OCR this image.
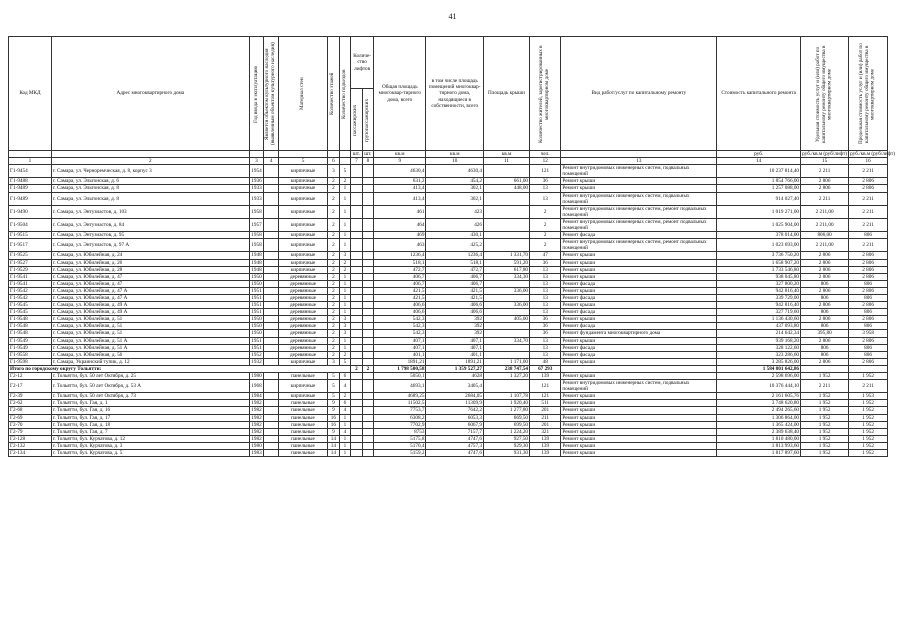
41
Код МКД	Адрес многоквартирного дома	Год ввода в эксплуатацию	Является объектом культурного наследия (выявленным объектом культурного наследия)	Материал стен	Количество этажей	Количество подъездов	Количе-ство лифтов		Общая площадь многоквар-тирного дома, всего	в том числе площадь помещений многоквар-тирного дома, находящиеся в собственности, всего	Площадь крыши	Количество жителей, зарегистрированных в многоквартирном доме	Вид работ/услуг по капитальному ремонту	Стоимость капитального ремонта	Удельная стоимость услуг и (или) работ по капитальному ремонту общего имущества в многоквартирном доме	Предельная стоимость услуг и (или) работ по капитальному ремонту общего имущества в многоквартирном доме

							пассажирских	грузопассажирских								

							шт.	шт.	кв.м	кв.м	кв.м	чел.		руб.	руб./кв.м (руб/лифт)	руб./кв.м (руб/лифт)
1	2	3	4	5	6		7	8	9	10	11	12	13	14	15	16
Г1-9454	г. Самара, ул. Черноремческая, д. 8, корпус 3	1954		кирпичные	3	5			4630,4	4630,4		121	Ремонт внутридомовых инженерных систем, подвальных помещений	10 237 814,40	2 211	2 211
Г1-9488	г. Самара, ул. Эльтонская, д. 6	1936		кирпичные	2	2			631,2	454,2	661,00	36	Ремонт крыши	1 854 766,00	2 806	2 806
Г1-9489	г. Самара, ул. Эльтонская, д. 8	1933		кирпичные	2	1			413,4	302,1	448,00	13	Ремонт крыши	1 257 088,00	2 806	2 806
Г1-9489	г. Самара, ул. Эльтонская, д. 8	1933		кирпичные	2	1			413,4	302,1		13	Ремонт внутридомовых инженерных систем, подвальных помещений	914 027,40	2 211	2 211
Г1-9490	г. Самара, ул. Энтузиастов, д. 103	1958		кирпичные	2	1			461	423		2	Ремонт внутридомовых инженерных систем, ремонт подвальных помещений	1 019 271,00	2 211,00	2 211
Г1-9504	г. Самара, ул. Энтузиастов, д. 84	1957		кирпичные	2	1			464	426		2	Ремонт внутридомовых инженерных систем, ремонт подвальных помещений	1 025 904,00	2 211,00	2 211
Г1-9515	г. Самара, ул. Энтузиастов, д. 95	1958		кирпичные	2	1			469	430,1		2	Ремонт фасада	378 014,00	806,00	806
Г1-9517	г. Самара, ул. Энтузиастов, д. 97 А	1958		кирпичные	2	1			463	425,2		2	Ремонт внутридомовых инженерных систем, ремонт подвальных помещений	1 023 693,00	2 211,00	2 211
Г1-9525	г. Самара, ул. Юбилейная, д. 24	1948		кирпичные	2	3			1236,4	1236,4	1 331,70	47	Ремонт крыши	3 736 750,20	2 806	2 806
Г1-9527	г. Самара, ул. Юбилейная, д. 26	1948		кирпичные	2	2			518,1	518,1	591,20	36	Ремонт крыши	1 658 907,20	2 806	2 806
Г1-9529	г. Самара, ул. Юбилейная, д. 28	1948		кирпичные	2	2			472,7	472,7	617,80	13	Ремонт крыши	1 733 546,80	2 806	2 806
Г1-9541	г. Самара, ул. Юбилейная, д. 47	1950		деревянные	2	1			406,7	406,7	334,30	13	Ремонт крыши	938 045,80	2 806	2 806
Г1-9541	г. Самара, ул. Юбилейная, д. 47	1950		деревянные	2	1			406,7	406,7		13	Ремонт фасада	327 800,20	806	806
Г1-9542	г. Самара, ул. Юбилейная, д. 47 А	1951		деревянные	2	1			421,5	421,5	336,00	13	Ремонт крыши	942 816,40	2 806	2 806
Г1-9542	г. Самара, ул. Юбилейная, д. 47 А	1951		деревянные	2	1			421,5	421,5		13	Ремонт фасада	339 729,00	806	806
Г1-9545	г. Самара, ул. Юбилейная, д. 49 А	1951		деревянные	2	1			406,6	406,6	336,00	13	Ремонт крыши	942 816,40	2 806	2 806
Г1-9545	г. Самара, ул. Юбилейная, д. 49 А	1951		деревянные	2	1			406,6	406,6		13	Ремонт фасада	327 719,60	806	806
Г1-9548	г. Самара, ул. Юбилейная, д. 51	1950		деревянные	2	3			542,3	392	405,00	36	Ремонт крыши	1 136 430,60	2 806	2 806
Г1-9548	г. Самара, ул. Юбилейная, д. 51	1950		деревянные	2	3			542,3	392		36	Ремонт фасада	437 093,80	806	806
Г1-9548	г. Самара, ул. Юбилейная, д. 51	1950		деревянные	2	3			542,3	392		36	Ремонт фундамента многоквартирного дома	214 642,34	395,80	3 958
Г1-9549	г. Самара, ул. Юбилейная, д. 51 А	1951		деревянные	2	1			407,1	407,1	334,70	13	Ремонт крыши	939 168,20	2 806	2 806
Г1-9549	г. Самара, ул. Юбилейная, д. 51 А	1951		деревянные	2	1			407,1	407,1		13	Ремонт фасада	328 122,60	806	806
Г1-9558	г. Самара, ул. Юбилейная, д. 56	1952		деревянные	2	2			401,1	401,1		13	Ремонт фасада	323 286,60	806	806
Г1-9598	г. Самара, Украинский тупик, д. 12	1932		кирпичные	3	5			1891,21	1891,21	1 171,00	48	Ремонт крыши	3 285 826,00	2 806	2 806
Итого по городскому округу Тольятти:							2	2	1 798 500,58	1 359 527,27	238 747,54	67 293		1 584 801 642,86		
Г2-12	г. Тольятти, бул. 50 лет Октября, д. 25	1980		панельные	5	6			5050,1	4628	1 327,20	139	Ремонт крыши	2 598 696,00	1 952	1 952
Г2-17	г. Тольятти, бул. 50 лет Октября, д. 53 А	1968		кирпичные	5	4			4693,1	3405,4		121	Ремонт внутридомовых инженерных систем, подвальных помещений	10 376 444,10	2 211	2 211
Г2-39	г. Тольятти, бул. 50 лет Октября, д. 73	1984		кирпичные	5	2			4689,25	2684,05	1 107,78	121	Ремонт крыши	2 161 605,76	1 952	1 953
Г2-62	г. Тольятти, бул. Гая, д. 1	1982		панельные	9	6			11502,5	11309,9	1 920,40	511	Ремонт крыши	3 748 620,80	1 952	1 952
Г2-68	г. Тольятти, бул. Гая, д. 16	1982		панельные	9	4			7753,7	7642,2	1 277,80	201	Ремонт крыши	2 494 265,60	1 952	1 952
Г2-69	г. Тольятти, бул. Гая, д. 17	1982		панельные	16	1			6308,2	6053,3	669,50	211	Ремонт крыши	1 306 864,00	1 952	1 952
Г2-70	г. Тольятти, бул. Гая, д. 18	1982		панельные	16	1			7702,9	6067,9	699,50	201	Ремонт крыши	1 365 424,00	1 952	1 952
Г2-79	г. Тольятти, бул. Гая, д. 7	1982		панельные	9	4			8753	7157,7	1 224,20	321	Ремонт крыши	2 389 638,40	1 952	1 952
Г2-128	г. Тольятти, бул. Курчатова, д. 12	1982		панельные	14	1			5175,8	4747,6	927,50	139	Ремонт крыши	1 810 480,00	1 952	1 952
Г2-132	г. Тольятти, бул. Курчатова, д. 3	1980		панельные	14	1			5170,4	4757,3	929,30	139	Ремонт крыши	1 813 993,60	1 952	1 952
Г2-134	г. Тольятти, бул. Курчатова, д. 5	1983		панельные	14	1			5159,2	4747,6	931,30	139	Ремонт крыши	1 817 897,60	1 952	1 952
